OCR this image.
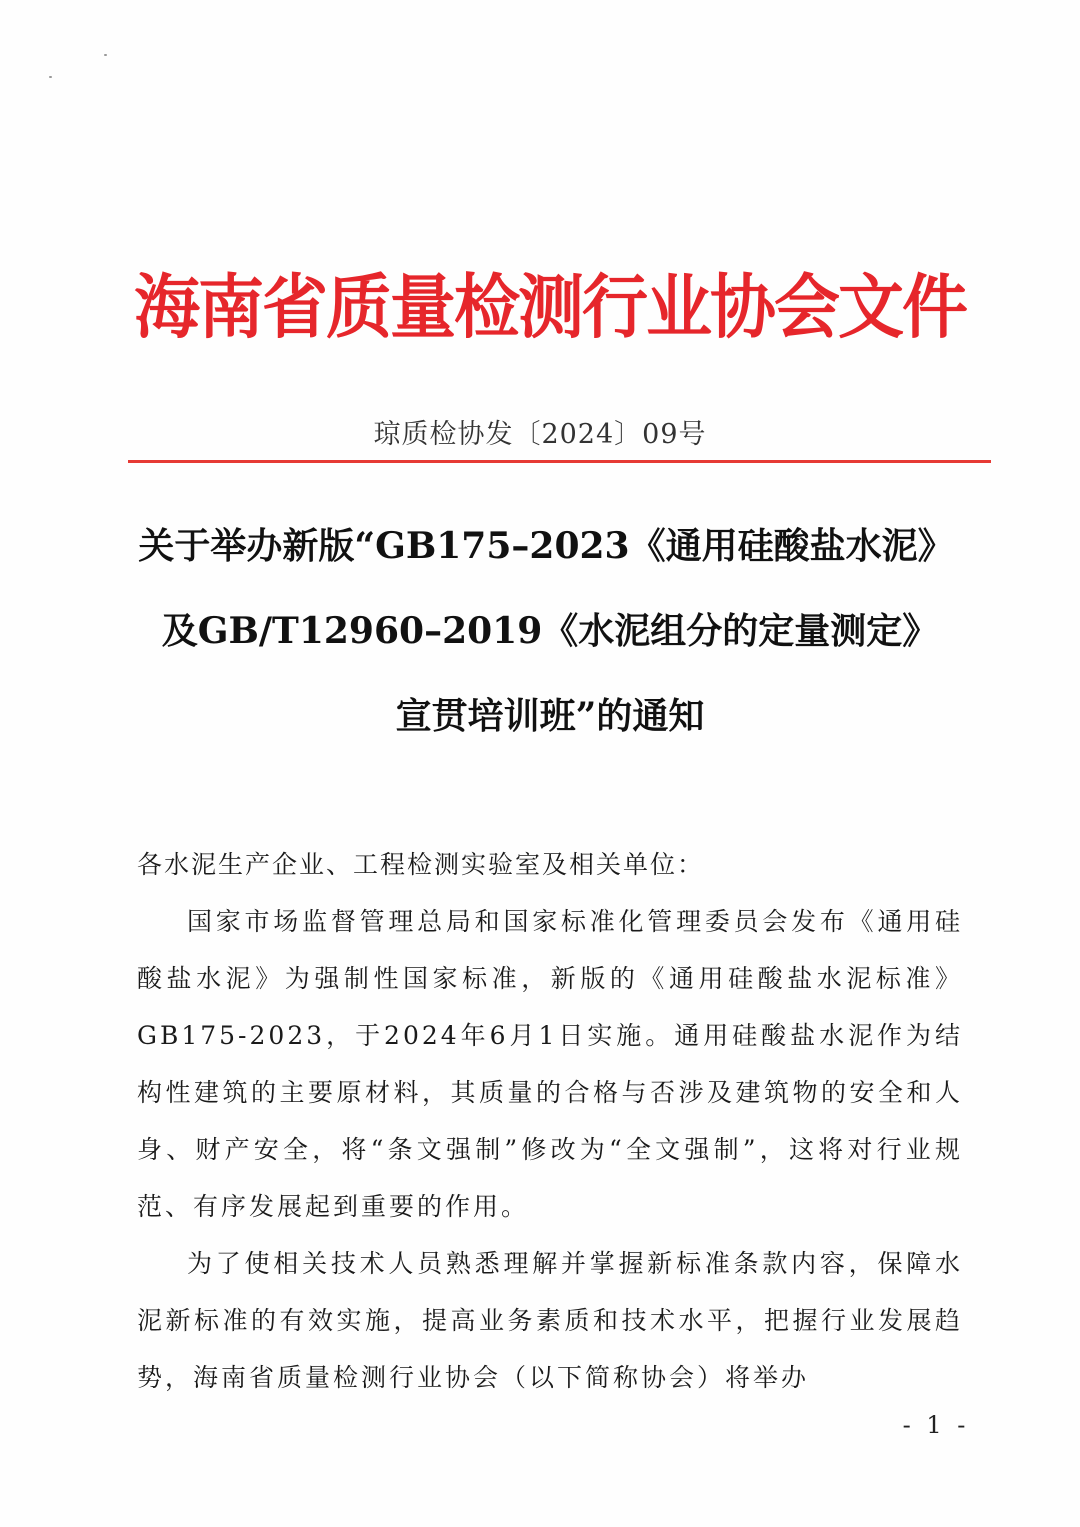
海南省质量检测行业协会文件
琼质检协发〔2024〕09号
关于举办新版“GB175–2023《通用硅酸盐水泥》
及GB/T12960–2019《水泥组分的定量测定》
宣贯培训班”的通知
各水泥生产企业、工程检测实验室及相关单位：

国家市场监督管理总局和国家标准化管理委员会发布《通用硅酸盐水泥》为强制性国家标准，新版的《通用硅酸盐水泥标准》GB175-2023，于2024年6月1日实施。通用硅酸盐水泥作为结构性建筑的主要原材料，其质量的合格与否涉及建筑物的安全和人身、财产安全，将“条文强制”修改为“全文强制”，这将对行业规范、有序发展起到重要的作用。

为了使相关技术人员熟悉理解并掌握新标准条款内容，保障水泥新标准的有效实施，提高业务素质和技术水平，把握行业发展趋势，海南省质量检测行业协会（以下简称协会）将举办

- 1 -
